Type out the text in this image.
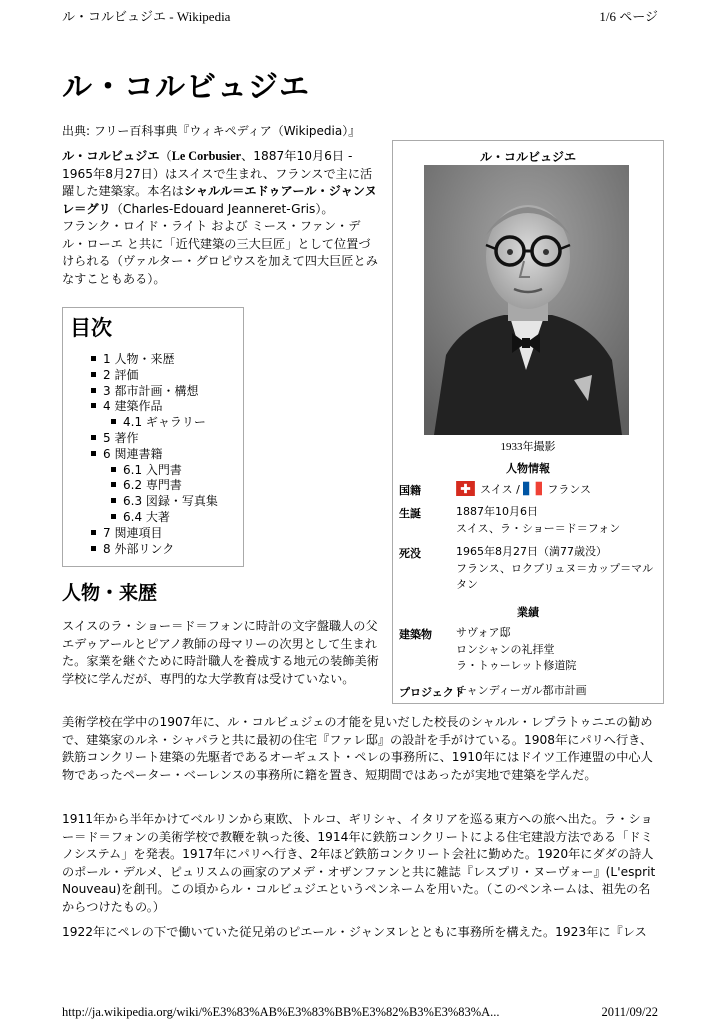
ル・コルビュジエ - Wikipedia	1/6 ページ
ル・コルビュジエ
出典: フリー百科事典『ウィキペディア（Wikipedia）』
ル・コルビュジエ（Le Corbusier、1887年10月6日 - 1965年8月27日）はスイスで生まれ、フランスで主に活躍した建築家。本名はシャルル＝エドゥアール・ジャンヌレ＝グリ（Charles-Edouard Jeanneret-Gris）。
フランク・ロイド・ライト および ミース・ファン・デル・ローエ と共に「近代建築の三大巨匠」として位置づけられる（ヴァルター・グロピウスを加えて四大巨匠とみなすこともある）。
目次
1 人物・来歴
2 評価
3 都市計画・構想
4 建築作品
4.1 ギャラリー
5 著作
6 関連書籍
6.1 入門書
6.2 専門書
6.3 図録・写真集
6.4 大著
7 関連項目
8 外部リンク
人物・来歴
スイスのラ・ショー＝ド＝フォンに時計の文字盤職人の父エデゥアールとピアノ教師の母マリーの次男として生まれた。家業を継ぐために時計職人を養成する地元の装飾美術学校に学んだが、専門的な大学教育は受けていない。
美術学校在学中の1907年に、ル・コルビュジェの才能を見いだした校長のシャルル・レプラトゥニエの勧めで、建築家のルネ・シャパラと共に最初の住宅『ファレ邸』の設計を手がけている。1908年にパリへ行き、鉄筋コンクリート建築の先駆者であるオーギュスト・ペレの事務所に、1910年にはドイツ工作連盟の中心人物であったペーター・ベーレンスの事務所に籍を置き、短期間ではあったが実地で建築を学んだ。
1911年から半年かけてベルリンから東欧、トルコ、ギリシャ、イタリアを巡る東方への旅へ出た。ラ・ショー＝ド＝フォンの美術学校で教鞭を執った後、1914年に鉄筋コンクリートによる住宅建設方法である「ドミノシステム」を発表。1917年にパリへ行き、2年ほど鉄筋コンクリート会社に勤めた。1920年にダダの詩人のポール・デルメ、ピュリスムの画家のアメデ・オザンファンと共に雑誌『レスプリ・ヌーヴォー』(L'esprit Nouveau)を創刊。この頃からル・コルビュジエというペンネームを用いた。（このペンネームは、祖先の名からつけたもの。）
1922年にペレの下で働いていた従兄弟のピエール・ジャンヌレとともに事務所を構えた。1923年に『レス
ル・コルビュジエ
1933年撮影
人物情報
国籍	スイス /	フランス
生誕	1887年10月6日
スイス、ラ・ショー＝ド＝フォン
死没	1965年8月27日（満77歳没）
フランス、ロクブリュヌ＝カップ＝マルタン
業績
建築物 サヴォア邸
ロンシャンの礼拝堂
ラ・トゥーレット修道院
プロジェクト
チャンディーガル都市計画
http://ja.wikipedia.org/wiki/%E3%83%AB%E3%83%BB%E3%82%B3%E3%83%A...	2011/09/22
